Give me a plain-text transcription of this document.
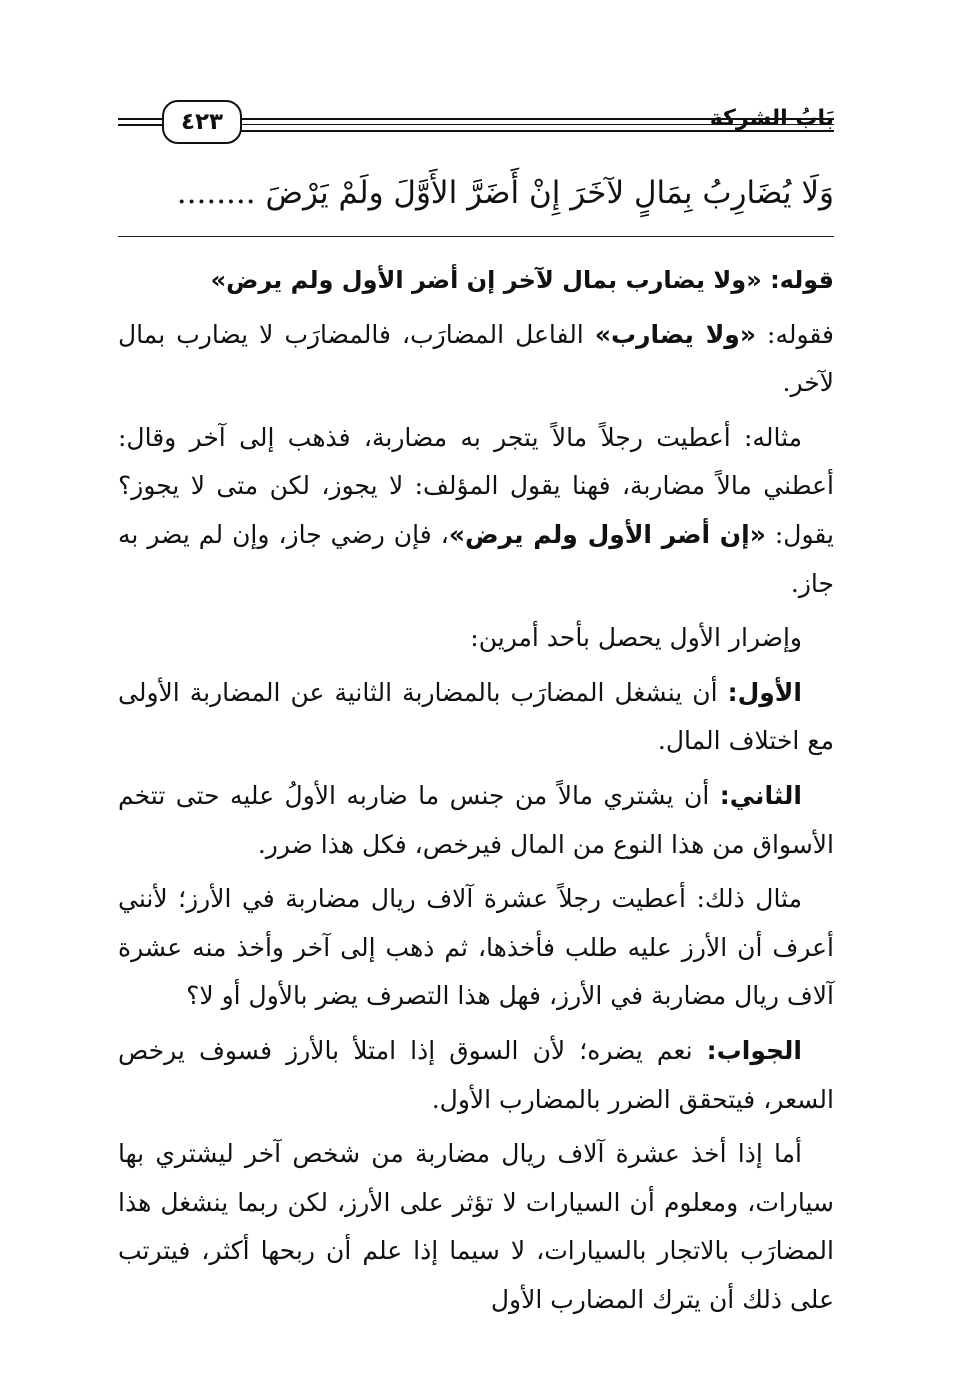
٤٢٣	بَابُ الشركة
وَلَا يُضَارِبُ بِمَالٍ لآخَرَ إِنْ أَضَرَّ الأَوَّلَ ولَمْ يَرْضَ ........

قوله: «ولا يضارب بمال لآخر إن أضر الأول ولم يرض»

فقوله: «ولا يضارب» الفاعل المضارَب، فالمضارَب لا يضارب بمال لآخر.

مثاله: أعطيت رجلاً مالاً يتجر به مضاربة، فذهب إلى آخر وقال: أعطني مالاً مضاربة، فهنا يقول المؤلف: لا يجوز، لكن متى لا يجوز؟ يقول: «إن أضر الأول ولم يرض»، فإن رضي جاز، وإن لم يضر به جاز.

وإضرار الأول يحصل بأحد أمرين:

الأول: أن ينشغل المضارَب بالمضاربة الثانية عن المضاربة الأولى مع اختلاف المال.

الثاني: أن يشتري مالاً من جنس ما ضاربه الأولُ عليه حتى تتخم الأسواق من هذا النوع من المال فيرخص، فكل هذا ضرر.

مثال ذلك: أعطيت رجلاً عشرة آلاف ريال مضاربة في الأرز؛ لأنني أعرف أن الأرز عليه طلب فأخذها، ثم ذهب إلى آخر وأخذ منه عشرة آلاف ريال مضاربة في الأرز، فهل هذا التصرف يضر بالأول أو لا؟

الجواب: نعم يضره؛ لأن السوق إذا امتلأ بالأرز فسوف يرخص السعر، فيتحقق الضرر بالمضارب الأول.

أما إذا أخذ عشرة آلاف ريال مضاربة من شخص آخر ليشتري بها سيارات، ومعلوم أن السيارات لا تؤثر على الأرز، لكن ربما ينشغل هذا المضارَب بالاتجار بالسيارات، لا سيما إذا علم أن ربحها أكثر، فيترتب على ذلك أن يترك المضارب الأول
